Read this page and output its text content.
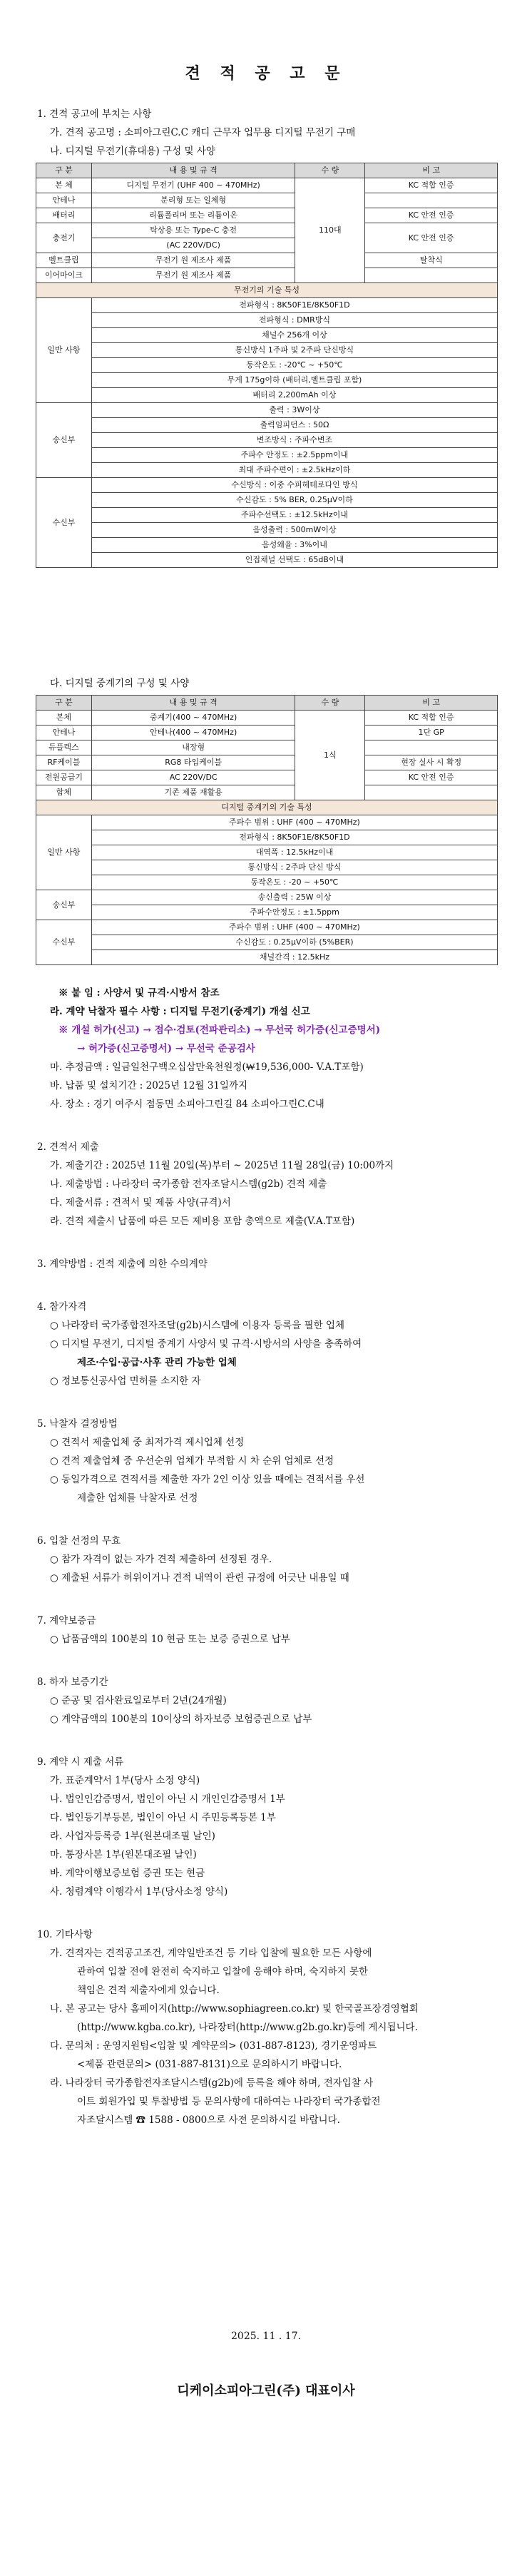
견 적 공 고 문
1. 견적 공고에 부치는 사항
가. 견적 공고명 : 소피아그린C.C 캐디 근무자 업무용 디지털 무전기 구매
나. 디지털 무전기(휴대용) 구성 및 사양
구 분	내 용 및 규 격	수 량	비 고
본 체	디지털 무전기 (UHF 400 ~ 470MHz)	110대	KC 적합 인증
안테나	분리형 또는 일체형		
배터리	리튬폴리머 또는 리튬이온		KC 안전 인증
충전기	탁상용 또는 Type-C 충전		KC 안전 인증
	(AC 220V/DC)		
벨트클립	무전기 원 제조사 제품		탈착식
이어마이크	무전기 원 제조사 제품		
무전기의 기술 특성			
일반 사항	전파형식 : 8K50F1E/8K50F1D		
	전파형식 : DMR방식		
	채널수 256개 이상		
	통신방식 1주파 및 2주파 단신방식		
	동작온도 : -20℃ ~ +50℃		
	무게 175g이하 (배터리,벨트클립 포함)		
	배터리 2,200mAh 이상		
송신부	출력 : 3W이상		
	출력임피던스 : 50Ω		
	변조방식 : 주파수변조		
	주파수 안정도 : ±2.5ppm이내		
	최대 주파수편이 : ±2.5kHz이하		
수신부	수신방식 : 이중 수퍼헤테로다인 방식		
	수신감도 : 5% BER, 0.25μV이하		
	주파수선택도 : ±12.5kHz이내		
	음성출력 : 500mW이상		
	음성왜율 : 3%이내		
	인접채널 선택도 : 65dB이내		
다. 디지털 중계기의 구성 및 사양
구 분	내 용 및 규 격	수 량	비 고
본체	중계기(400 ~ 470MHz)	1식	KC 적합 인증
안테나	안테나(400 ~ 470MHz)		1단 GP
듀플렉스	내장형		
RF케이블	RG8 타입케이블		현장 실사 시 확정
전원공급기	AC 220V/DC		KC 안전 인증
함체	기존 제품 재활용		
디지털 중계기의 기술 특성			
일반 사항	주파수 범위 : UHF (400 ~ 470MHz)		
	전파형식 : 8K50F1E/8K50F1D		
	대역폭 : 12.5kHz이내		
	통신방식 : 2주파 단신 방식		
	동작온도 : -20 ~ +50℃		
송신부	송신출력 : 25W 이상		
	주파수안정도 : ±1.5ppm		
수신부	주파수 범위 : UHF (400 ~ 470MHz)		
	수신감도 : 0.25μV이하 (5%BER)		
	채널간격 : 12.5kHz		
※ 붙 임 : 사양서 및 규격·시방서 참조
라. 계약 낙찰자 필수 사항 : 디지털 무전기(중계기) 개설 신고
※ 개설 허가(신고) → 점수·검토(전파관리소) → 무선국 허가증(신고증명서)
→ 허가증(신고증명서) → 무선국 준공검사
마. 추정금액 : 일금일천구백오십삼만육천원정(₩19,536,000- V.A.T포함)
바. 납품 및 설치기간 : 2025년 12월 31일까지
사. 장소 : 경기 여주시 점동면 소피아그린길 84 소피아그린C.C내
2. 견적서 제출
가. 제출기간 : 2025년 11월 20일(목)부터 ~ 2025년 11월 28일(금) 10:00까지
나. 제출방법 : 나라장터 국가종합 전자조달시스템(g2b) 견적 제출
다. 제출서류 : 견적서 및 제품 사양(규격)서
라. 견적 제출시 납품에 따른 모든 제비용 포함 총액으로 제출(V.A.T포함)
3. 계약방법 : 견적 제출에 의한 수의계약
4. 참가자격
○ 나라장터 국가종합전자조달(g2b)시스템에 이용자 등록을 필한 업체
○ 디지털 무전기, 디지털 중계기 사양서 및 규격·시방서의 사양을 충족하여
제조·수입·공급·사후 관리 가능한 업체
○ 정보통신공사업 면허를 소지한 자
5. 낙찰자 결정방법
○ 견적서 제출업체 중 최저가격 제시업체 선정
○ 견적 제출업체 중 우선순위 업체가 부적합 시 차 순위 업체로 선정
○ 동일가격으로 견적서를 제출한 자가 2인 이상 있을 때에는 견적서를 우선
제출한 업체를 낙찰자로 선정
6. 입찰 선정의 무효
○ 참가 자격이 없는 자가 견적 제출하여 선정된 경우.
○ 제출된 서류가 허위이거나 견적 내역이 관련 규정에 어긋난 내용일 때
7. 계약보증금
○ 납품금액의 100분의 10 현금 또는 보증 증권으로 납부
8. 하자 보증기간
○ 준공 및 검사완료일로부터 2년(24개월)
○ 계약금액의 100분의 10이상의 하자보증 보험증권으로 납부
9. 계약 시 제출 서류
가. 표준계약서 1부(당사 소정 양식)
나. 법인인감증명서, 법인이 아닌 시 개인인감증명서 1부
다. 법인등기부등본, 법인이 아닌 시 주민등록등본 1부
라. 사업자등록증 1부(원본대조필 날인)
마. 통장사본 1부(원본대조필 날인)
바. 계약이행보증보험 증권 또는 현금
사. 청렴계약 이행각서 1부(당사소정 양식)
10. 기타사항
가. 견적자는 견적공고조건, 계약일반조건 등 기타 입찰에 필요한 모든 사항에
관하여 입찰 전에 완전히 숙지하고 입찰에 응해야 하며, 숙지하지 못한
책임은 견적 제출자에게 있습니다.
나. 본 공고는 당사 홈페이지(http://www.sophiagreen.co.kr) 및 한국골프장경영협회
(http://www.kgba.co.kr), 나라장터(http://www.g2b.go.kr)등에 게시됩니다.
다. 문의처 : 운영지원팀<입찰 및 계약문의> (031-887-8123), 경기운영파트
<제품 관련문의> (031-887-8131)으로 문의하시기 바랍니다.
라. 나라장터 국가종합전자조달시스템(g2b)에 등록을 해야 하며, 전자입찰 사
이트 회원가입 및 투찰방법 등 문의사항에 대하여는 나라장터 국가종합전
자조달시스템 ☎ 1588 - 0800으로 사전 문의하시길 바랍니다.
2025. 11 . 17.
디케이소피아그린(주) 대표이사
